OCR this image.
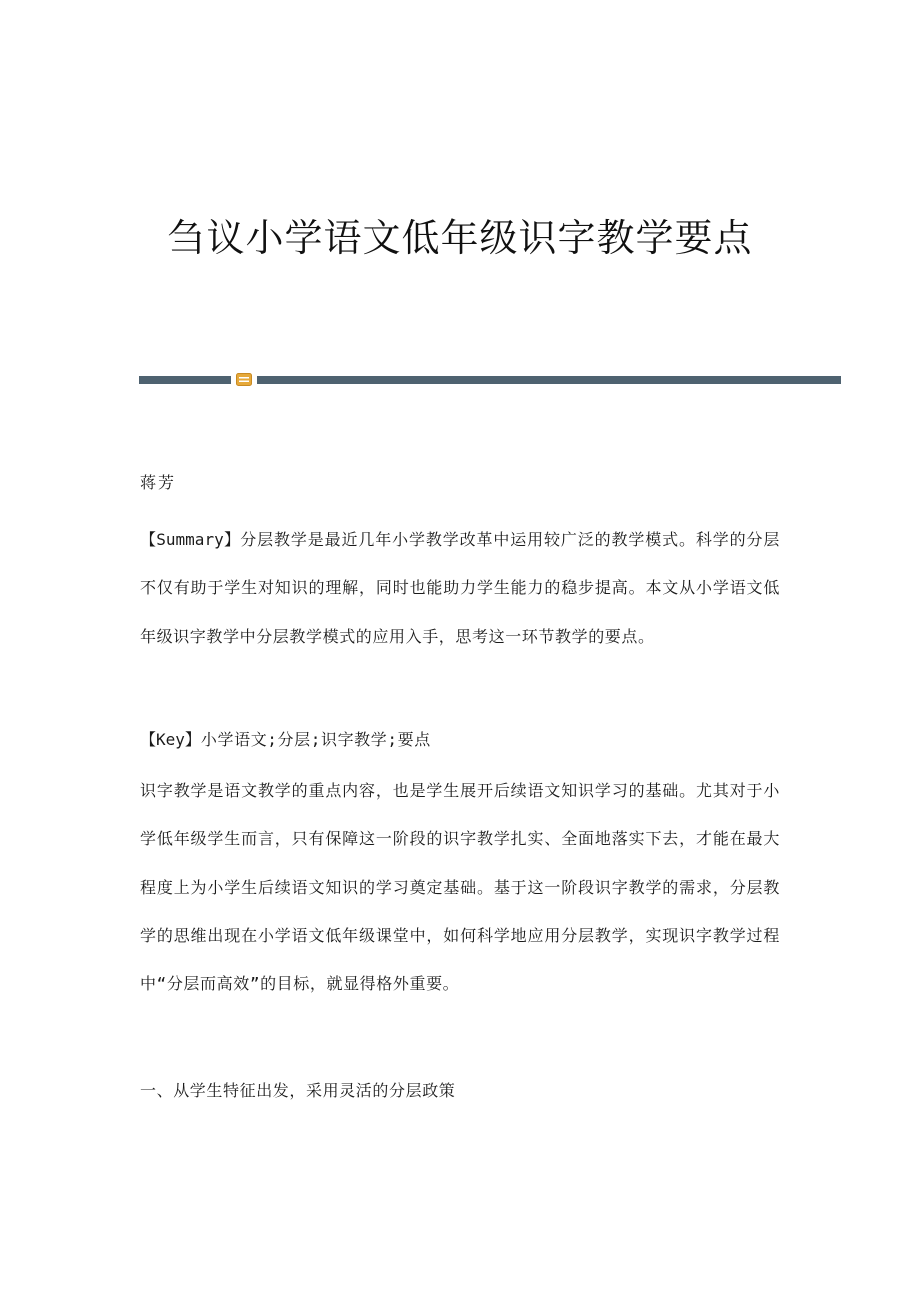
刍议小学语文低年级识字教学要点
蒋芳

【Summary】分层教学是最近几年小学教学改革中运用较广泛的教学模式。科学的分层不仅有助于学生对知识的理解，同时也能助力学生能力的稳步提高。本文从小学语文低年级识字教学中分层教学模式的应用入手，思考这一环节教学的要点。

【Key】小学语文;分层;识字教学;要点

识字教学是语文教学的重点内容，也是学生展开后续语文知识学习的基础。尤其对于小学低年级学生而言，只有保障这一阶段的识字教学扎实、全面地落实下去，才能在最大程度上为小学生后续语文知识的学习奠定基础。基于这一阶段识字教学的需求，分层教学的思维出现在小学语文低年级课堂中，如何科学地应用分层教学，实现识字教学过程中“分层而高效”的目标，就显得格外重要。

一、从学生特征出发，采用灵活的分层政策
